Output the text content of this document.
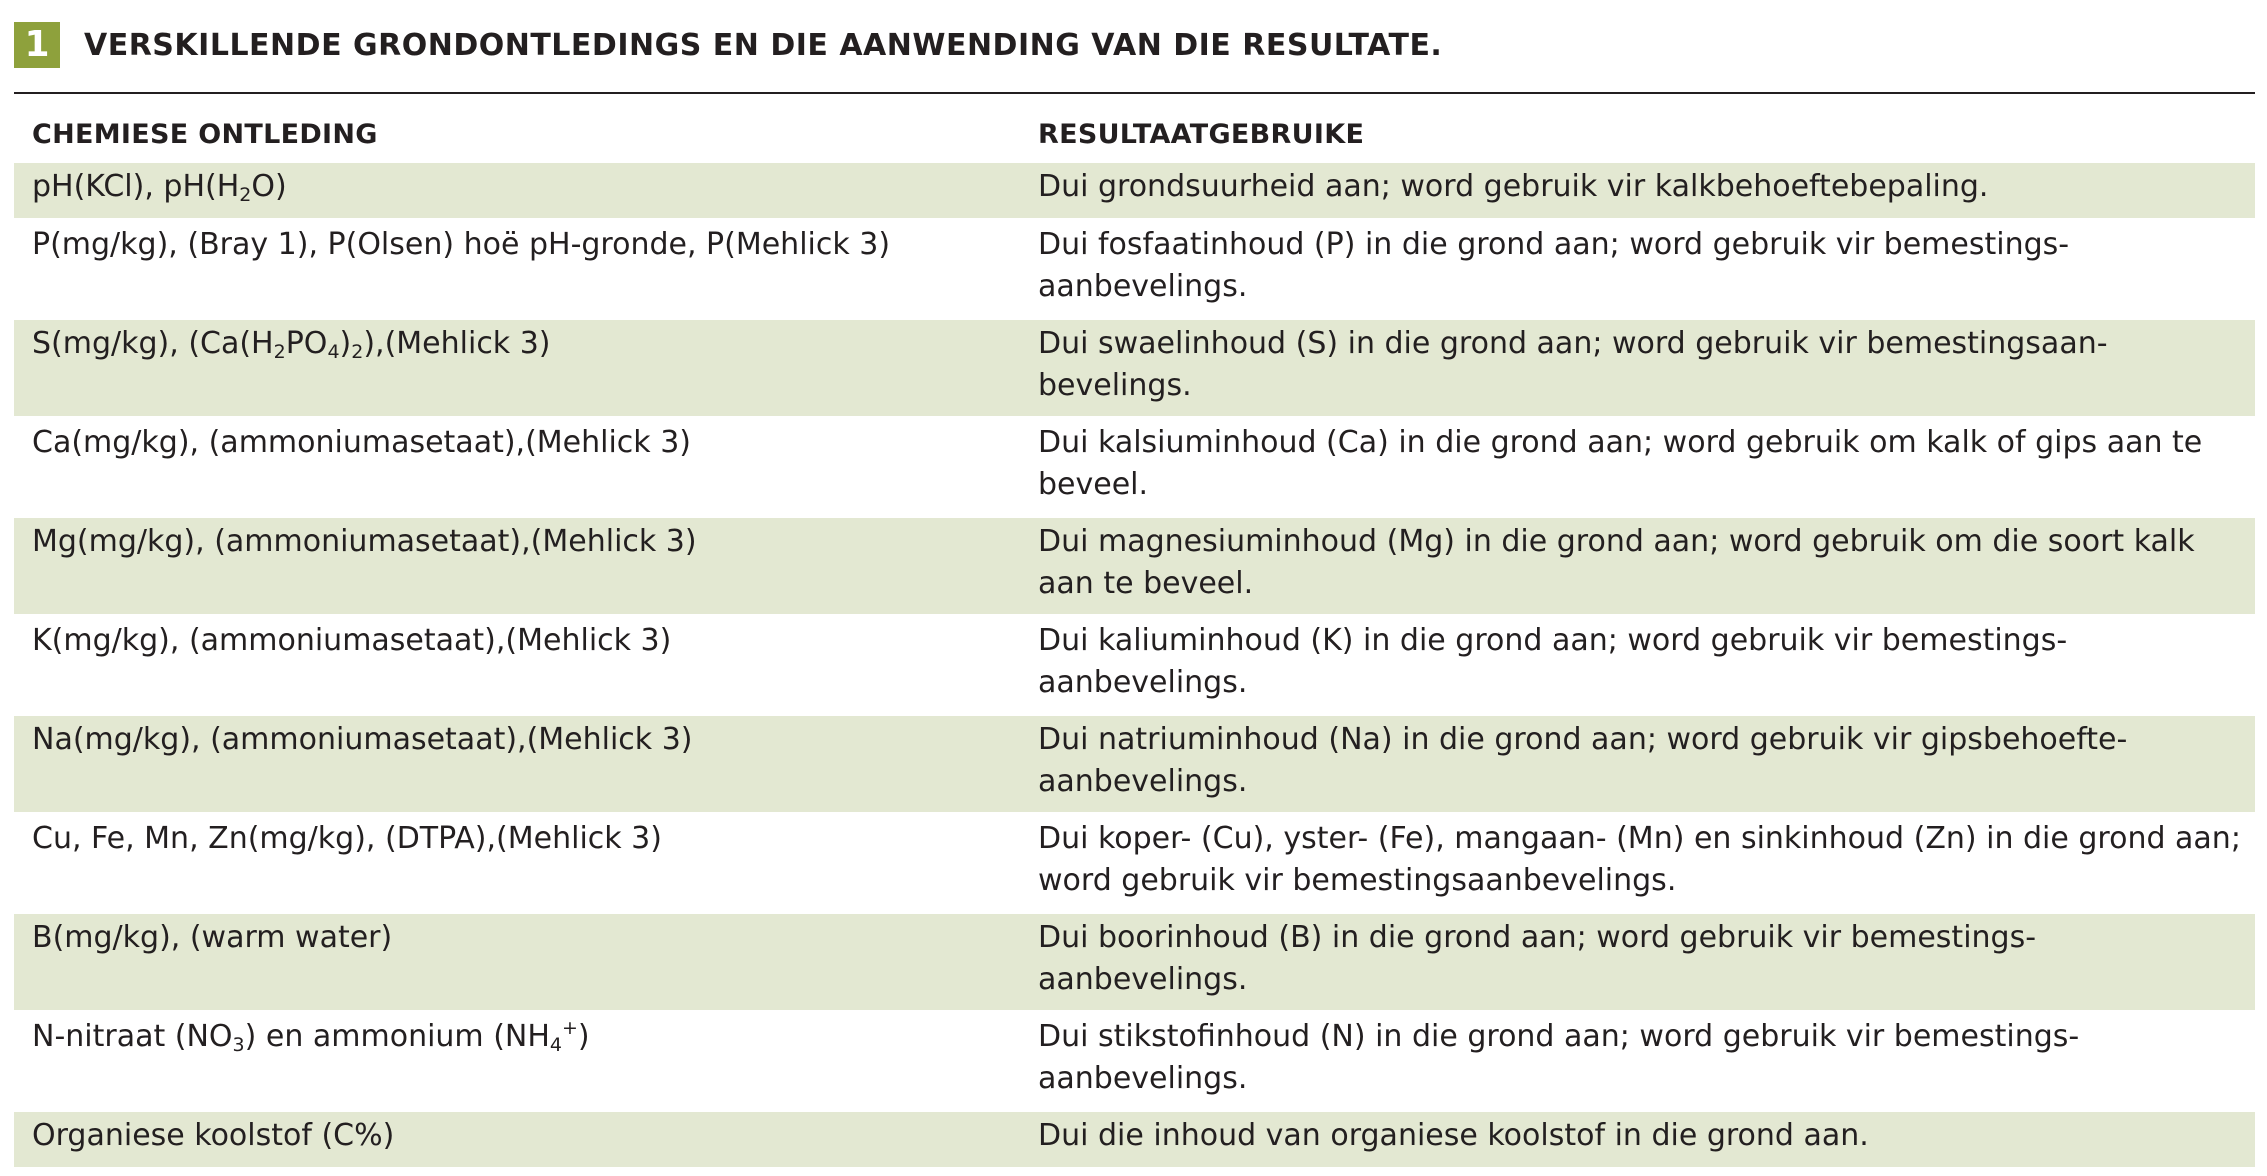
1	VERSKILLENDE GRONDONTLEDINGS EN DIE AANWENDING VAN DIE RESULTATE.
CHEMIESE ONTLEDING	RESULTAATGEBRUIKE
pH(KCl), $pH(H_2O)$	Dui grondsuurheid aan; word gebruik vir kalkbehoeftebepaling.
P(mg/kg), (Bray 1), P(Olsen) hoë pH-gronde, P(Mehlick 3)	Dui fosfaatinhoud (P) in die grond aan; word gebruik vir bemestings-aanbevelings.
S(mg/kg), $(Ca(H_2PO_4)_2),(Mehlick$ 3)	Dui swaelinhoud (S) in die grond aan; word gebruik vir bemestingsaan-bevelings.
Ca(mg/kg), (ammoniumasetaat),(Mehlick 3)	Dui kalsiuminhoud (Ca) in die grond aan; word gebruik om kalk of gips aan te beveel.
Mg(mg/kg), (ammoniumasetaat),(Mehlick 3)	Dui magnesiuminhoud (Mg) in die grond aan; word gebruik om die soort kalk aan te beveel.
K(mg/kg), (ammoniumasetaat),(Mehlick 3)	Dui kaliuminhoud (K) in die grond aan; word gebruik vir bemestings-aanbevelings.
Na(mg/kg), (ammoniumasetaat),(Mehlick 3)	Dui natriuminhoud (Na) in die grond aan; word gebruik vir gipsbehoefte-aanbevelings.
Cu, Fe, Mn, Zn(mg/kg), (DTPA),(Mehlick 3)	Dui koper- (Cu), yster- (Fe), mangaan- (Mn) en sinkinhoud (Zn) in die grond aan; word gebruik vir bemestingsaanbevelings.
B(mg/kg), (warm water)	Dui boorinhoud (B) in die grond aan; word gebruik vir bemestings-aanbevelings.
N-nitraat $(NO_3)$ en ammonium $(NH_4^+)$	Dui stikstofinhoud (N) in die grond aan; word gebruik vir bemestings-aanbevelings.
Organiese koolstof (C%)	Dui die inhoud van organiese koolstof in die grond aan.
